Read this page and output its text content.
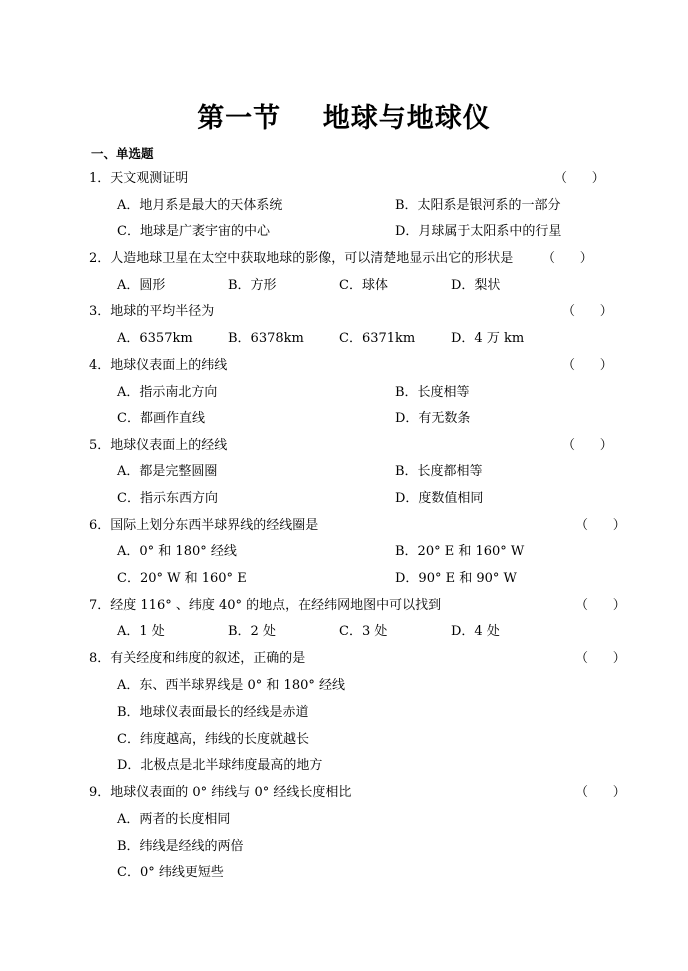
第一节    地球与地球仪
一、单选题
1．天文观测证明	（      ）
A．地月系是最大的天体系统	B．太阳系是银河系的一部分
C．地球是广袤宇宙的中心	D．月球属于太阳系中的行星
2．人造地球卫星在太空中获取地球的影像，可以清楚地显示出它的形状是 （      ）
A．圆形	B．方形	C．球体	D．梨状
3．地球的平均半径为	（      ）
A．6357km	B．6378km	C．6371km	D．4 万 km
4．地球仪表面上的纬线	（      ）
A．指示南北方向	B．长度相等
C．都画作直线	D．有无数条
5．地球仪表面上的经线	（      ）
A．都是完整圆圈	B．长度都相等
C．指示东西方向	D．度数值相同
6．国际上划分东西半球界线的经线圈是	（      ）
A．0° 和 180° 经线	B．20° E 和 160° W
C．20° W 和 160° E	D．90° E 和 90° W
7．经度 116° 、纬度 40° 的地点，在经纬网地图中可以找到	（      ）
A．1 处	B．2 处	C．3 处	D．4 处
8．有关经度和纬度的叙述，正确的是	（      ）
A．东、西半球界线是 0° 和 180° 经线
B．地球仪表面最长的经线是赤道
C．纬度越高，纬线的长度就越长
D．北极点是北半球纬度最高的地方
9．地球仪表面的 0° 纬线与 0° 经线长度相比	（      ）
A．两者的长度相同
B．纬线是经线的两倍
C．0° 纬线更短些
